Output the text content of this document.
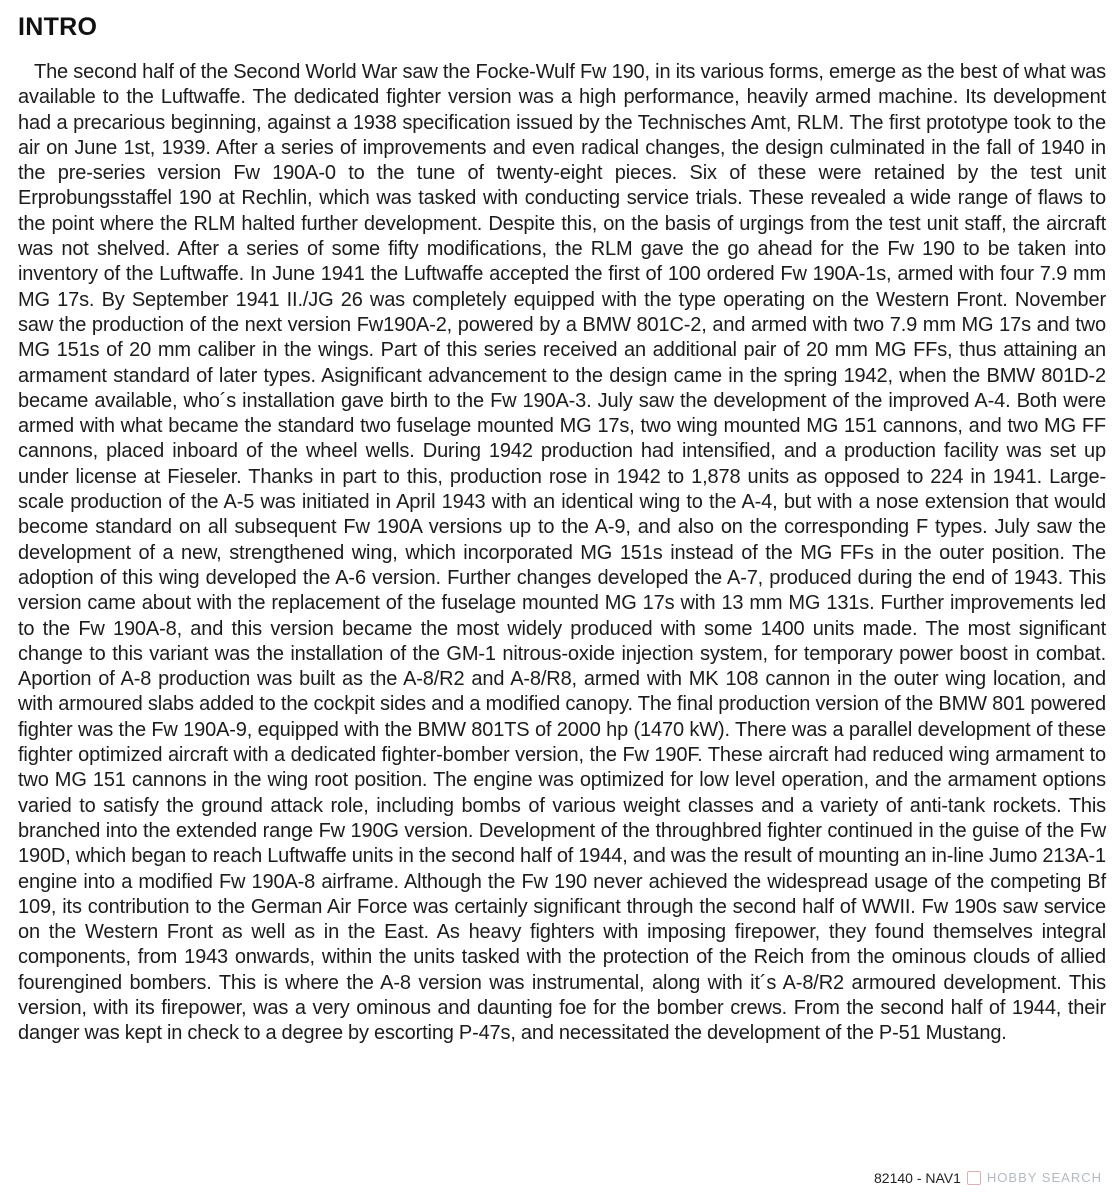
INTRO
The second half of the Second World War saw the Focke-Wulf Fw 190, in its various forms, emerge as the best of what was available to the Luftwaffe. The dedicated fighter version was a high performance, heavily armed machine. Its development had a precarious beginning, against a 1938 specification issued by the Technisches Amt, RLM. The first prototype took to the air on June 1st, 1939. After a series of improvements and even radical changes, the design culminated in the fall of 1940 in the pre-series version Fw 190A-0 to the tune of twenty-eight pieces. Six of these were retained by the test unit Erprobungsstaffel 190 at Rechlin, which was tasked with conducting service trials. These revealed a wide range of flaws to the point where the RLM halted further development. Despite this, on the basis of urgings from the test unit staff, the aircraft was not shelved. After a series of some fifty modifications, the RLM gave the go ahead for the Fw 190 to be taken into inventory of the Luftwaffe. In June 1941 the Luftwaffe accepted the first of 100 ordered Fw 190A-1s, armed with four 7.9 mm MG 17s. By September 1941 II./JG 26 was completely equipped with the type operating on the Western Front. November saw the production of the next version Fw190A-2, powered by a BMW 801C-2, and armed with two 7.9 mm MG 17s and two MG 151s of 20 mm caliber in the wings. Part of this series received an additional pair of 20 mm MG FFs, thus attaining an armament standard of later types. Asignificant advancement to the design came in the spring 1942, when the BMW 801D-2 became available, who´s installation gave birth to the Fw 190A-3. July saw the development of the improved A-4. Both were armed with what became the standard two fuselage mounted MG 17s, two wing mounted MG 151 cannons, and two MG FF cannons, placed inboard of the wheel wells. During 1942 production had intensified, and a production facility was set up under license at Fieseler. Thanks in part to this, production rose in 1942 to 1,878 units as opposed to 224 in 1941. Large-scale production of the A-5 was initiated in April 1943 with an identical wing to the A-4, but with a nose extension that would become standard on all subsequent Fw 190A versions up to the A-9, and also on the corresponding F types. July saw the development of a new, strengthened wing, which incorporated MG 151s instead of the MG FFs in the outer position. The adoption of this wing developed the A-6 version. Further changes developed the A-7, produced during the end of 1943. This version came about with the replacement of the fuselage mounted MG 17s with 13 mm MG 131s. Further improvements led to the Fw 190A-8, and this version became the most widely produced with some 1400 units made. The most significant change to this variant was the installation of the GM-1 nitrous-oxide injection system, for temporary power boost in combat. Aportion of A-8 production was built as the A-8/R2 and A-8/R8, armed with MK 108 cannon in the outer wing location, and with armoured slabs added to the cockpit sides and a modified canopy. The final production version of the BMW 801 powered fighter was the Fw 190A-9, equipped with the BMW 801TS of 2000 hp (1470 kW). There was a parallel development of these fighter optimized aircraft with a dedicated fighter-bomber version, the Fw 190F. These aircraft had reduced wing armament to two MG 151 cannons in the wing root position. The engine was optimized for low level operation, and the armament options varied to satisfy the ground attack role, including bombs of various weight classes and a variety of anti-tank rockets. This branched into the extended range Fw 190G version. Development of the throughbred fighter continued in the guise of the Fw 190D, which began to reach Luftwaffe units in the second half of 1944, and was the result of mounting an in-line Jumo 213A-1 engine into a modified Fw 190A-8 airframe. Although the Fw 190 never achieved the widespread usage of the competing Bf 109, its contribution to the German Air Force was certainly significant through the second half of WWII. Fw 190s saw service on the Western Front as well as in the East. As heavy fighters with imposing firepower, they found themselves integral components, from 1943 onwards, within the units tasked with the protection of the Reich from the ominous clouds of allied fourengined bombers. This is where the A-8 version was instrumental, along with it´s A-8/R2 armoured development. This version, with its firepower, was a very ominous and daunting foe for the bomber crews. From the second half of 1944, their danger was kept in check to a degree by escorting P-47s, and necessitated the development of the P-51 Mustang.
82140 - NAV1 HOBBY SEARCH
